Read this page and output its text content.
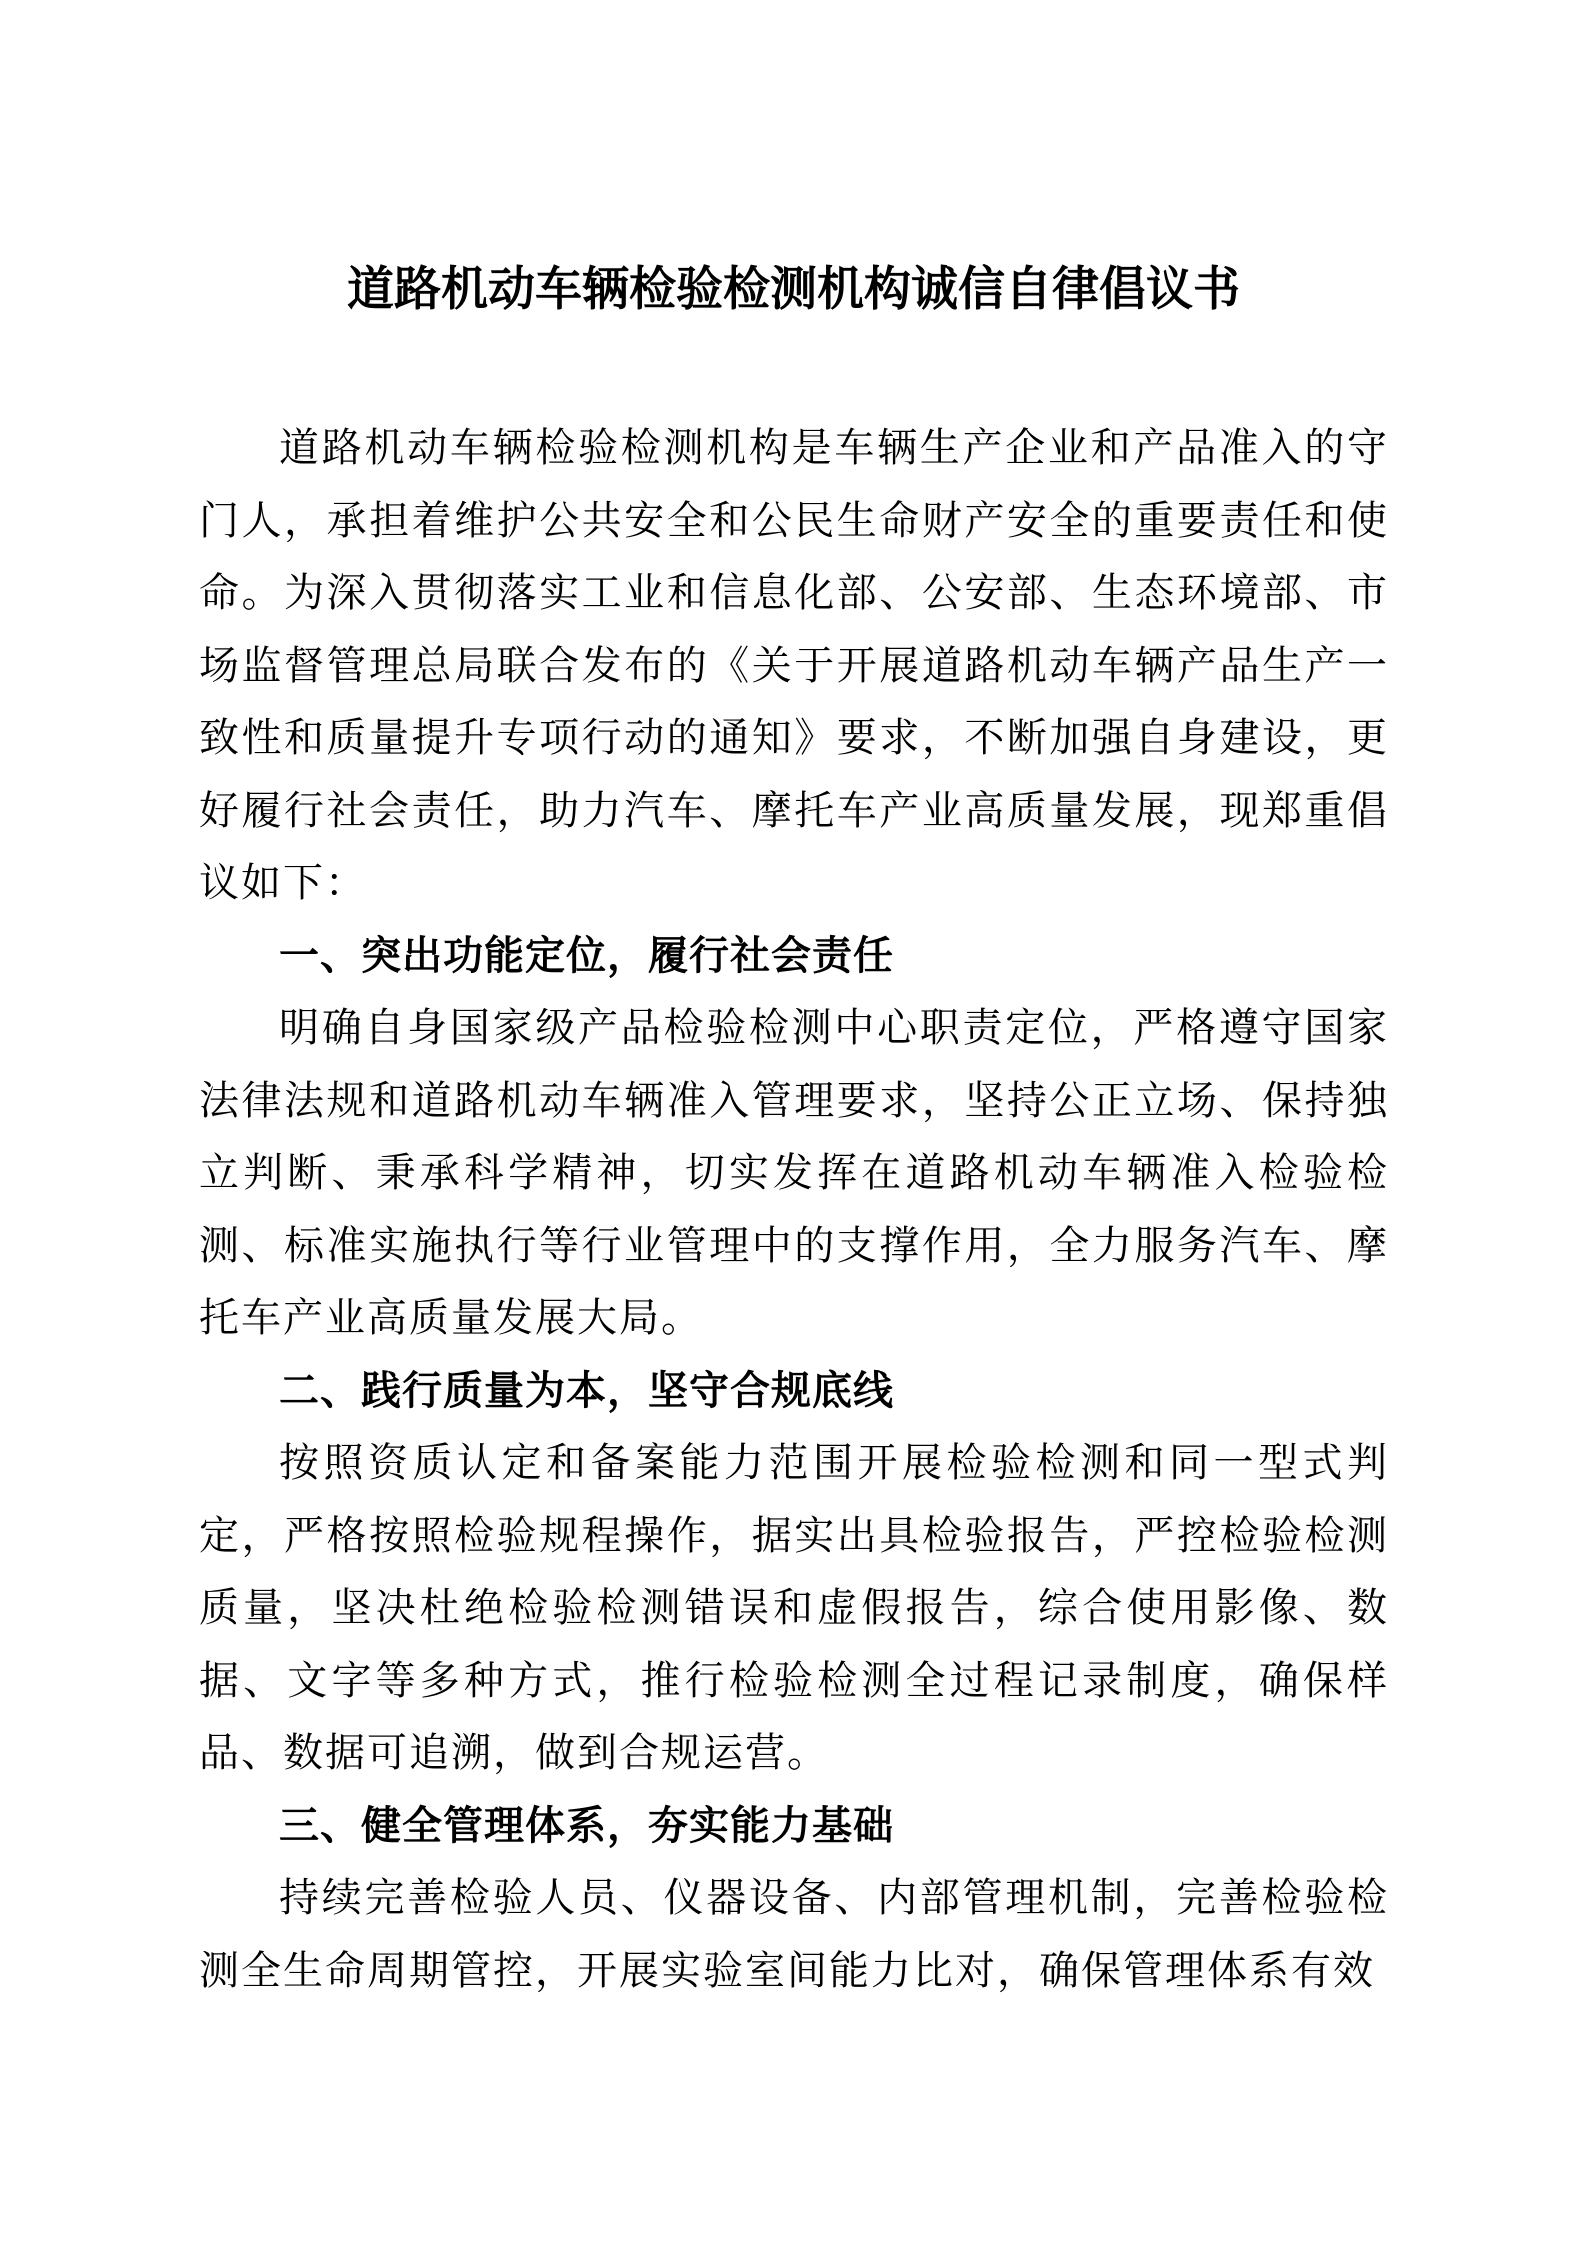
道路机动车辆检验检测机构诚信自律倡议书

道路机动车辆检验检测机构是车辆生产企业和产品准入的守门人，承担着维护公共安全和公民生命财产安全的重要责任和使命。为深入贯彻落实工业和信息化部、公安部、生态环境部、市场监督管理总局联合发布的《关于开展道路机动车辆产品生产一致性和质量提升专项行动的通知》要求，不断加强自身建设，更好履行社会责任，助力汽车、摩托车产业高质量发展，现郑重倡议如下：

一、突出功能定位，履行社会责任

明确自身国家级产品检验检测中心职责定位，严格遵守国家法律法规和道路机动车辆准入管理要求，坚持公正立场、保持独立判断、秉承科学精神，切实发挥在道路机动车辆准入检验检测、标准实施执行等行业管理中的支撑作用，全力服务汽车、摩托车产业高质量发展大局。

二、践行质量为本，坚守合规底线

按照资质认定和备案能力范围开展检验检测和同一型式判定，严格按照检验规程操作，据实出具检验报告，严控检验检测质量，坚决杜绝检验检测错误和虚假报告，综合使用影像、数据、文字等多种方式，推行检验检测全过程记录制度，确保样品、数据可追溯，做到合规运营。

三、健全管理体系，夯实能力基础

持续完善检验人员、仪器设备、内部管理机制，完善检验检测全生命周期管控，开展实验室间能力比对，确保管理体系有效
